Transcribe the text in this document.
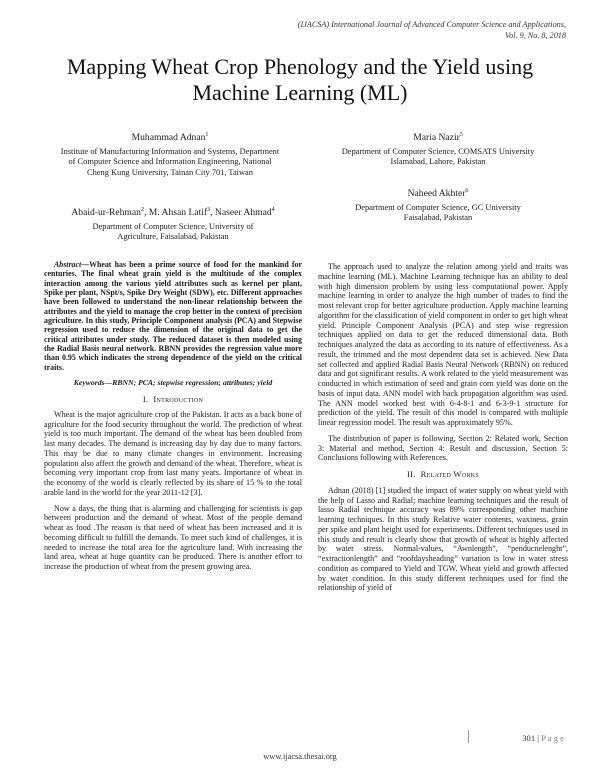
(IJACSA) International Journal of Advanced Computer Science and Applications,
Vol. 9, No. 8, 2018
Mapping Wheat Crop Phenology and the Yield using Machine Learning (ML)
Muhammad Adnan$^1$
Institute of Manufacturing Information and Systems, Department of Computer Science and Information Engineering, National Cheng Kung University, Tainan City 701, Taiwan
Maria Nazir$^5$
Department of Computer Science, COMSATS University Islamabad, Lahore, Pakistan
Naheed Akhter$^6$
Department of Computer Science, GC University Faisalabad, Pakistan
Abaid-ur-Rehman$^2$, M. Ahsan Latif$^3$, Naseer Ahmad$^4$
Department of Computer Science, University of Agriculture, Faisalabad, Pakistan

Abstract—Wheat has been a prime source of food for the mankind for centuries. The final wheat grain yield is the multitude of the complex interaction among the various yield attributes such as kernel per plant, Spike per plant, NSpt/s, Spike Dry Weight (SDW), etc. Different approaches have been followed to understand the non-linear relationship between the attributes and the yield to manage the crop better in the context of precision agriculture. In this study, Principle Component analysis (PCA) and Stepwise regression used to reduce the dimension of the original data to get the critical attributes under study. The reduced dataset is then modeled using the Radial Basis neural network. RBNN provides the regression value more than 0.95 which indicates the strong dependence of the yield on the critical traits.

Keywords—RBNN; PCA; stepwise regression; attributes; yield
I. Introduction

Wheat is the major agriculture crop of the Pakistan. It acts as a back bone of agriculture for the food security throughout the world. The prediction of wheat yield is too much important. The demand of the wheat has been doubled from last many decades. The demand is increasing day by day due to many factors. This may be due to many climate changes in environment. Increasing population also affect the growth and demand of the wheat. Therefore, wheat is becoming very important crop from last many years. Importance of wheat in the economy of the world is clearly reflected by its share of 15 % to the total arable land in the world for the year 2011-12 [3].

Now a days, the thing that is alarming and challenging for scientists is gap between production and the demand of wheat. Most of the people demand wheat as food .The reason is that need of wheat has been increased and it is becoming difficult to fulfill the demands. To meet such kind of challenges, it is needed to increase the total area for the agriculture land. With increasing the land area, wheat at huge quantity can be produced. There is another effort to increase the production of wheat from the present growing area.

The approach used to analyze the relation among yield and traits was machine learning (ML). Machine Learning technique has an ability to deal with high dimension problem by using less computational power. Apply machine learning in order to analyze the high number of trades to find the most relevant crop for better agriculture production. Apply machine learning algorithm for the classification of yield component in order to get high wheat yield. Principle Component Analysis (PCA) and step wise regression techniques applied on data to get the reduced dimensional data. Both techniques analyzed the data as according to its nature of effectiveness. As a result, the trimmed and the most dependent data set is achieved. New Data set collected and applied Radial Basis Neural Network (RBNN) on reduced data and got significant results. A work related to the yield measurement was conducted in which estimation of seed and grain corn yield was done on the basis of input data. ANN model with back propagation algorithm was used. The ANN model worked best with 6-4-8-1 and 6-3-9-1 structure for prediction of the yield. The result of this model is compared with multiple linear regression model. The result was approximately 95%.

The distribution of paper is following, Section 2: Related work, Section 3: Material and method, Section 4: Result and discussion, Section 5: Conclusions following with References.

II. Related Works

Adnan (2018) [1] studied the impact of water supply on wheat yield with the help of Lasso and Radial; machine learning techniques and the result of lasso Radial technique accuracy was 89% corresponding other machine learning techniques. In this study Relative water contents, waxiness, grain per spike and plant height used for experiments. Different techniques used in this study and result is clearly show that growth of wheat is highly affected by water stress. Normal-values, “Awnlength”, “penducnelenght”, “extractionlength” and “roofdaysheading” variation is low in water stress condition as compared to Yield and TGW. Wheat yield and growth affected by water condition. In this study different techniques used for find the relationship of yield of

301 | P a g e
www.ijacsa.thesai.org
